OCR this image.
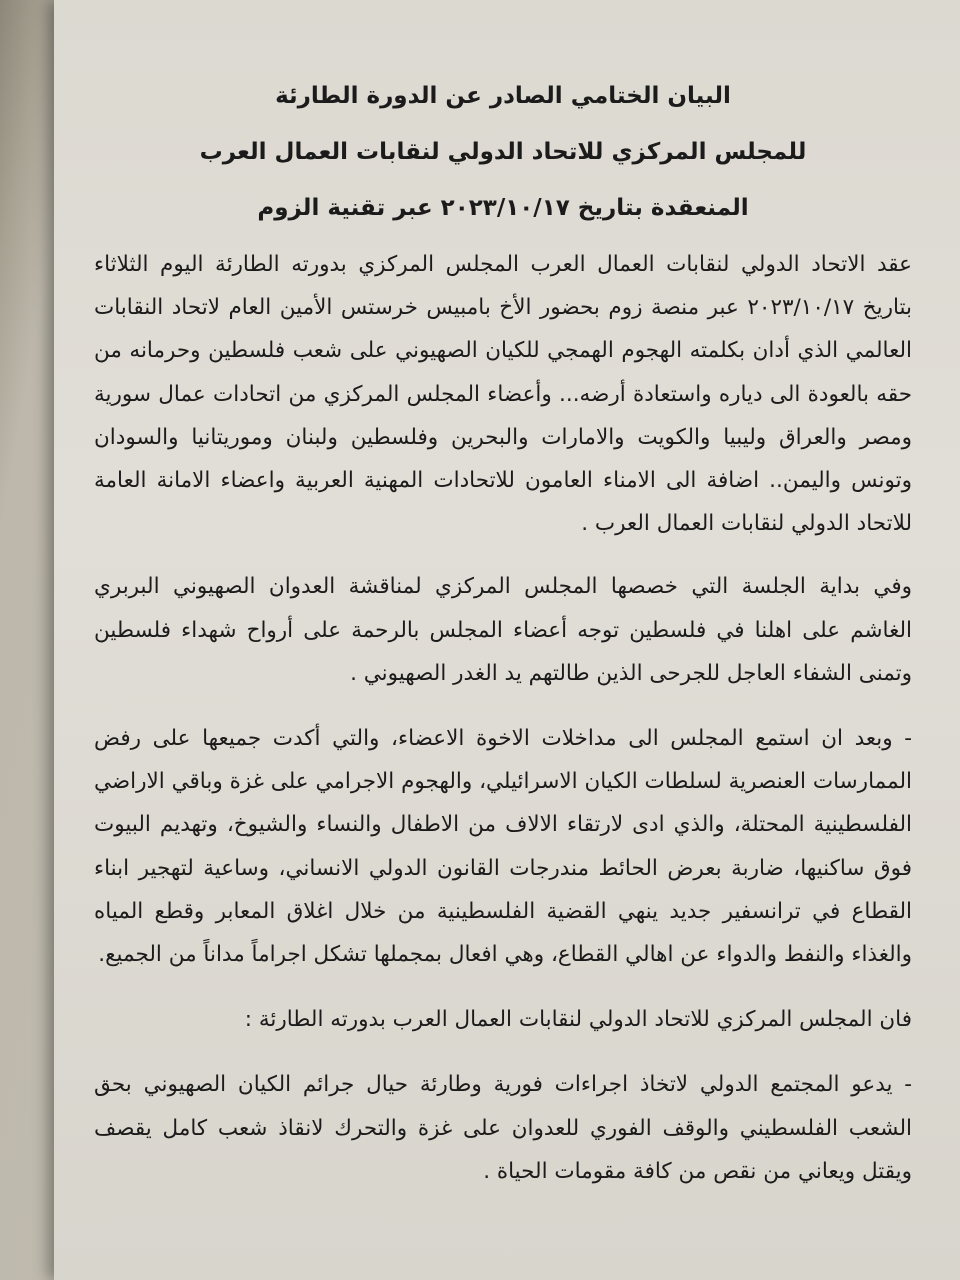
البيان الختامي الصادر عن الدورة الطارئة
للمجلس المركزي للاتحاد الدولي لنقابات العمال العرب
المنعقدة بتاريخ ٢٠٢٣/١٠/١٧ عبر تقنية الزوم
عقد الاتحاد الدولي لنقابات العمال العرب المجلس المركزي بدورته الطارئة اليوم الثلاثاء بتاريخ ٢٠٢٣/١٠/١٧ عبر منصة زوم بحضور الأخ بامبيس خرستس الأمين العام لاتحاد النقابات العالمي الذي أدان بكلمته الهجوم الهمجي للكيان الصهيوني على شعب فلسطين وحرمانه من حقه بالعودة الى دياره واستعادة أرضه... وأعضاء المجلس المركزي من اتحادات عمال سورية ومصر والعراق وليبيا والكويت والامارات والبحرين وفلسطين ولبنان وموريتانيا والسودان وتونس واليمن.. اضافة الى الامناء العامون للاتحادات المهنية العربية واعضاء الامانة العامة للاتحاد الدولي لنقابات العمال العرب .
وفي بداية الجلسة التي خصصها المجلس المركزي لمناقشة العدوان الصهيوني البربري الغاشم على اهلنا في فلسطين توجه أعضاء المجلس بالرحمة على أرواح شهداء فلسطين وتمنى الشفاء العاجل للجرحى الذين طالتهم يد الغدر الصهيوني .
- وبعد ان استمع المجلس الى مداخلات الاخوة الاعضاء، والتي أكدت جميعها على رفض الممارسات العنصرية لسلطات الكيان الاسرائيلي، والهجوم الاجرامي على غزة وباقي الاراضي الفلسطينية المحتلة، والذي ادى لارتقاء الالاف من الاطفال والنساء والشيوخ، وتهديم البيوت فوق ساكنيها، ضاربة بعرض الحائط مندرجات القانون الدولي الانساني، وساعية لتهجير ابناء القطاع في ترانسفير جديد ينهي القضية الفلسطينية من خلال اغلاق المعابر وقطع المياه والغذاء والنفط والدواء عن اهالي القطاع، وهي افعال بمجملها تشكل اجراماً مداناً من الجميع.
فان المجلس المركزي للاتحاد الدولي لنقابات العمال العرب بدورته الطارئة :
- يدعو المجتمع الدولي لاتخاذ اجراءات فورية وطارئة حيال جرائم الكيان الصهيوني بحق الشعب الفلسطيني والوقف الفوري للعدوان على غزة والتحرك لانقاذ شعب كامل يقصف ويقتل ويعاني من نقص من كافة مقومات الحياة .
